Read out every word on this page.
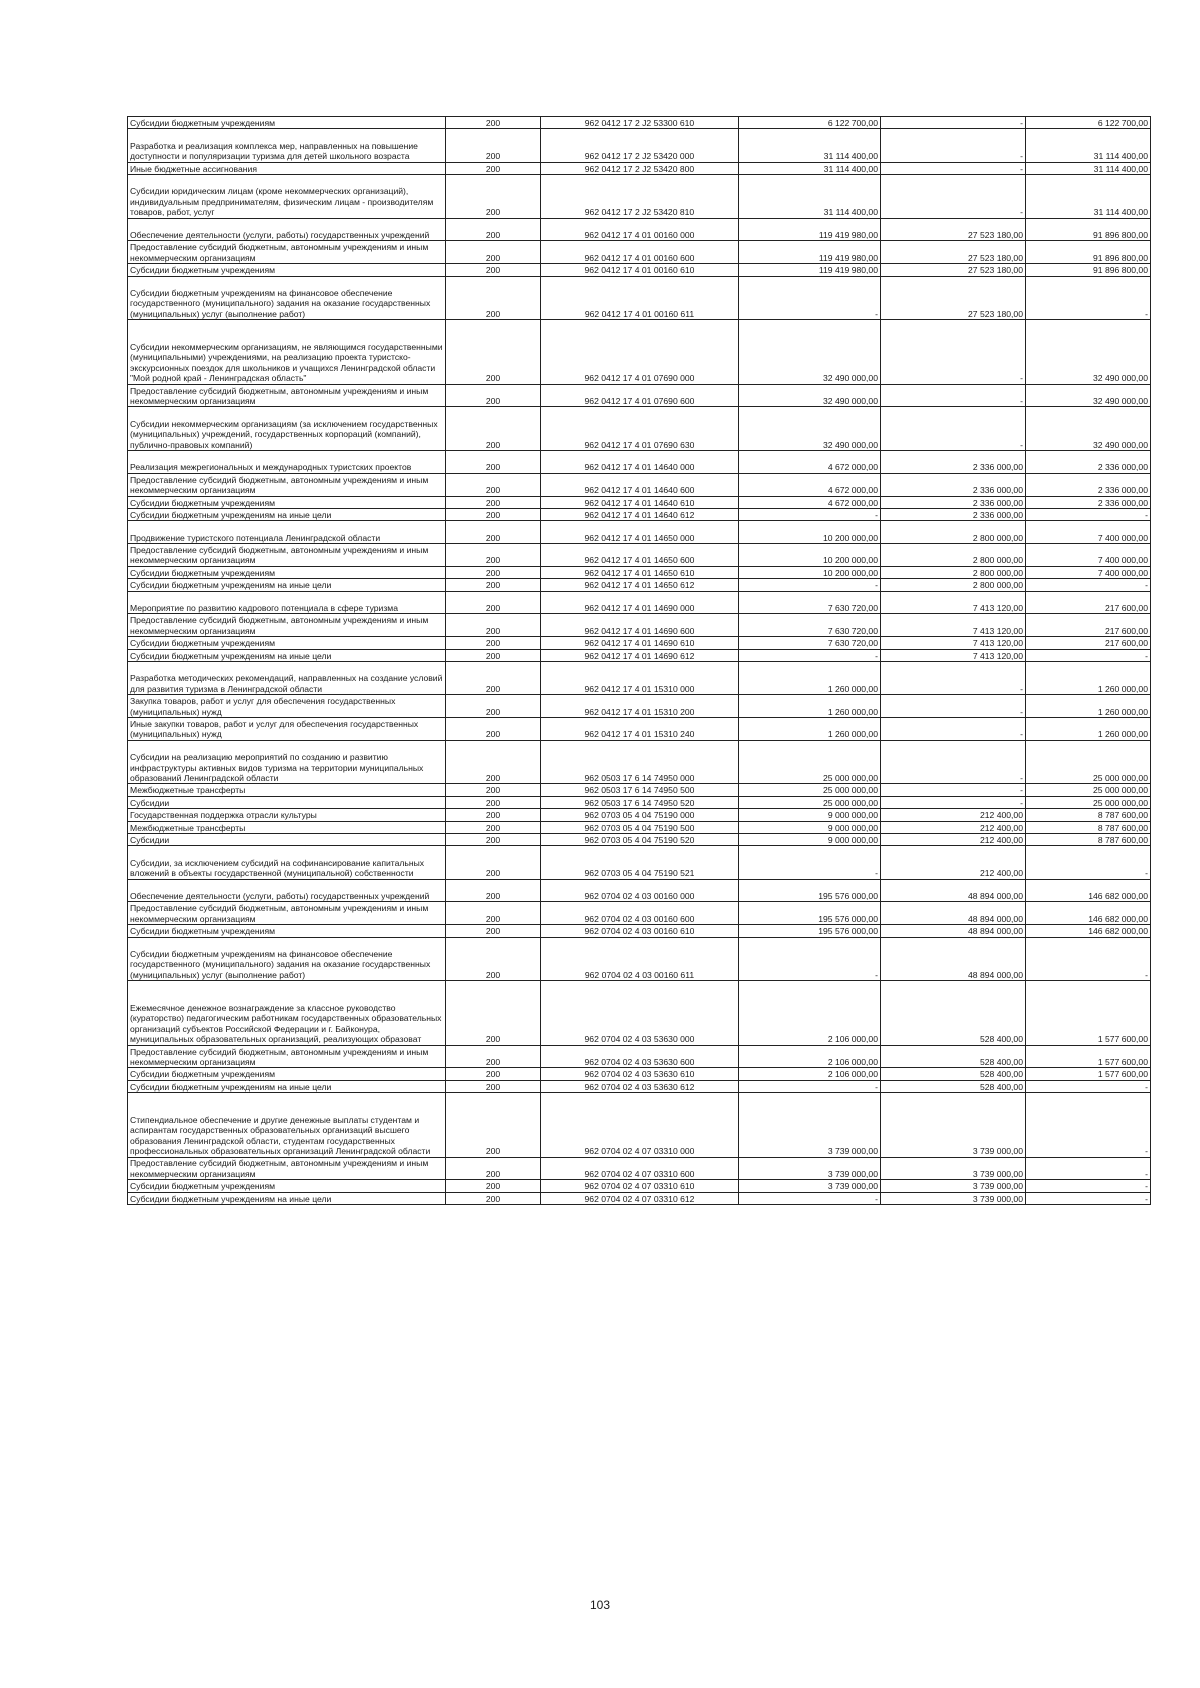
Субсидии бюджетным учреждениям	200	962 0412 17 2 J2 53300 610	6 122 700,00	-	6 122 700,00
Разработка и реализация комплекса мер, направленных на повышение доступности и популяризации туризма для детей школьного возраста	200	962 0412 17 2 J2 53420 000	31 114 400,00	-	31 114 400,00
Иные бюджетные ассигнования	200	962 0412 17 2 J2 53420 800	31 114 400,00	-	31 114 400,00
Субсидии юридическим лицам (кроме некоммерческих организаций), индивидуальным предпринимателям, физическим лицам - производителям товаров, работ, услуг	200	962 0412 17 2 J2 53420 810	31 114 400,00	-	31 114 400,00
Обеспечение деятельности (услуги, работы) государственных учреждений	200	962 0412 17 4 01 00160 000	119 419 980,00	27 523 180,00	91 896 800,00
Предоставление субсидий бюджетным, автономным учреждениям и иным некоммерческим организациям	200	962 0412 17 4 01 00160 600	119 419 980,00	27 523 180,00	91 896 800,00
Субсидии бюджетным учреждениям	200	962 0412 17 4 01 00160 610	119 419 980,00	27 523 180,00	91 896 800,00
Субсидии бюджетным учреждениям на финансовое обеспечение государственного (муниципального) задания на оказание государственных (муниципальных) услуг (выполнение работ)	200	962 0412 17 4 01 00160 611	-	27 523 180,00	-
Субсидии некоммерческим организациям, не являющимся государственными (муниципальными) учреждениями, на реализацию проекта туристско-экскурсионных поездок для школьников и учащихся Ленинградской области "Мой родной край - Ленинградская область"	200	962 0412 17 4 01 07690 000	32 490 000,00	-	32 490 000,00
Предоставление субсидий бюджетным, автономным учреждениям и иным некоммерческим организациям	200	962 0412 17 4 01 07690 600	32 490 000,00	-	32 490 000,00
Субсидии некоммерческим организациям (за исключением государственных (муниципальных) учреждений, государственных корпораций (компаний), публично-правовых компаний)	200	962 0412 17 4 01 07690 630	32 490 000,00	-	32 490 000,00
Реализация межрегиональных и международных туристских проектов	200	962 0412 17 4 01 14640 000	4 672 000,00	2 336 000,00	2 336 000,00
Предоставление субсидий бюджетным, автономным учреждениям и иным некоммерческим организациям	200	962 0412 17 4 01 14640 600	4 672 000,00	2 336 000,00	2 336 000,00
Субсидии бюджетным учреждениям	200	962 0412 17 4 01 14640 610	4 672 000,00	2 336 000,00	2 336 000,00
Субсидии бюджетным учреждениям на иные цели	200	962 0412 17 4 01 14640 612	-	2 336 000,00	-
Продвижение туристского потенциала Ленинградской области	200	962 0412 17 4 01 14650 000	10 200 000,00	2 800 000,00	7 400 000,00
Предоставление субсидий бюджетным, автономным учреждениям и иным некоммерческим организациям	200	962 0412 17 4 01 14650 600	10 200 000,00	2 800 000,00	7 400 000,00
Субсидии бюджетным учреждениям	200	962 0412 17 4 01 14650 610	10 200 000,00	2 800 000,00	7 400 000,00
Субсидии бюджетным учреждениям на иные цели	200	962 0412 17 4 01 14650 612	-	2 800 000,00	-
Мероприятие по развитию кадрового потенциала в сфере туризма	200	962 0412 17 4 01 14690 000	7 630 720,00	7 413 120,00	217 600,00
Предоставление субсидий бюджетным, автономным учреждениям и иным некоммерческим организациям	200	962 0412 17 4 01 14690 600	7 630 720,00	7 413 120,00	217 600,00
Субсидии бюджетным учреждениям	200	962 0412 17 4 01 14690 610	7 630 720,00	7 413 120,00	217 600,00
Субсидии бюджетным учреждениям на иные цели	200	962 0412 17 4 01 14690 612	-	7 413 120,00	-
Разработка методических рекомендаций, направленных на создание условий для развития туризма в Ленинградской области	200	962 0412 17 4 01 15310 000	1 260 000,00	-	1 260 000,00
Закупка товаров, работ и услуг для обеспечения государственных (муниципальных) нужд	200	962 0412 17 4 01 15310 200	1 260 000,00	-	1 260 000,00
Иные закупки товаров, работ и услуг для обеспечения государственных (муниципальных) нужд	200	962 0412 17 4 01 15310 240	1 260 000,00	-	1 260 000,00
Субсидии на реализацию мероприятий по созданию и развитию инфраструктуры активных видов туризма на территории муниципальных образований Ленинградской области	200	962 0503 17 6 14 74950 000	25 000 000,00	-	25 000 000,00
Межбюджетные трансферты	200	962 0503 17 6 14 74950 500	25 000 000,00	-	25 000 000,00
Субсидии	200	962 0503 17 6 14 74950 520	25 000 000,00	-	25 000 000,00
Государственная поддержка отрасли культуры	200	962 0703 05 4 04 75190 000	9 000 000,00	212 400,00	8 787 600,00
Межбюджетные трансферты	200	962 0703 05 4 04 75190 500	9 000 000,00	212 400,00	8 787 600,00
Субсидии	200	962 0703 05 4 04 75190 520	9 000 000,00	212 400,00	8 787 600,00
Субсидии, за исключением субсидий на софинансирование капитальных вложений в объекты государственной (муниципальной) собственности	200	962 0703 05 4 04 75190 521	-	212 400,00	-
Обеспечение деятельности (услуги, работы) государственных учреждений	200	962 0704 02 4 03 00160 000	195 576 000,00	48 894 000,00	146 682 000,00
Предоставление субсидий бюджетным, автономным учреждениям и иным некоммерческим организациям	200	962 0704 02 4 03 00160 600	195 576 000,00	48 894 000,00	146 682 000,00
Субсидии бюджетным учреждениям	200	962 0704 02 4 03 00160 610	195 576 000,00	48 894 000,00	146 682 000,00
Субсидии бюджетным учреждениям на финансовое обеспечение государственного (муниципального) задания на оказание государственных (муниципальных) услуг (выполнение работ)	200	962 0704 02 4 03 00160 611	-	48 894 000,00	-
Ежемесячное денежное вознаграждение за классное руководство (кураторство) педагогическим работникам государственных образовательных организаций субъектов Российской Федерации и г. Байконура, муниципальных образовательных организаций, реализующих образоват	200	962 0704 02 4 03 53630 000	2 106 000,00	528 400,00	1 577 600,00
Предоставление субсидий бюджетным, автономным учреждениям и иным некоммерческим организациям	200	962 0704 02 4 03 53630 600	2 106 000,00	528 400,00	1 577 600,00
Субсидии бюджетным учреждениям	200	962 0704 02 4 03 53630 610	2 106 000,00	528 400,00	1 577 600,00
Субсидии бюджетным учреждениям на иные цели	200	962 0704 02 4 03 53630 612	-	528 400,00	-
Стипендиальное обеспечение и другие денежные выплаты студентам и аспирантам государственных образовательных организаций высшего образования Ленинградской области, студентам государственных профессиональных образовательных организаций Ленинградской области	200	962 0704 02 4 07 03310 000	3 739 000,00	3 739 000,00	-
Предоставление субсидий бюджетным, автономным учреждениям и иным некоммерческим организациям	200	962 0704 02 4 07 03310 600	3 739 000,00	3 739 000,00	-
Субсидии бюджетным учреждениям	200	962 0704 02 4 07 03310 610	3 739 000,00	3 739 000,00	-
Субсидии бюджетным учреждениям на иные цели	200	962 0704 02 4 07 03310 612	-	3 739 000,00	-
103
